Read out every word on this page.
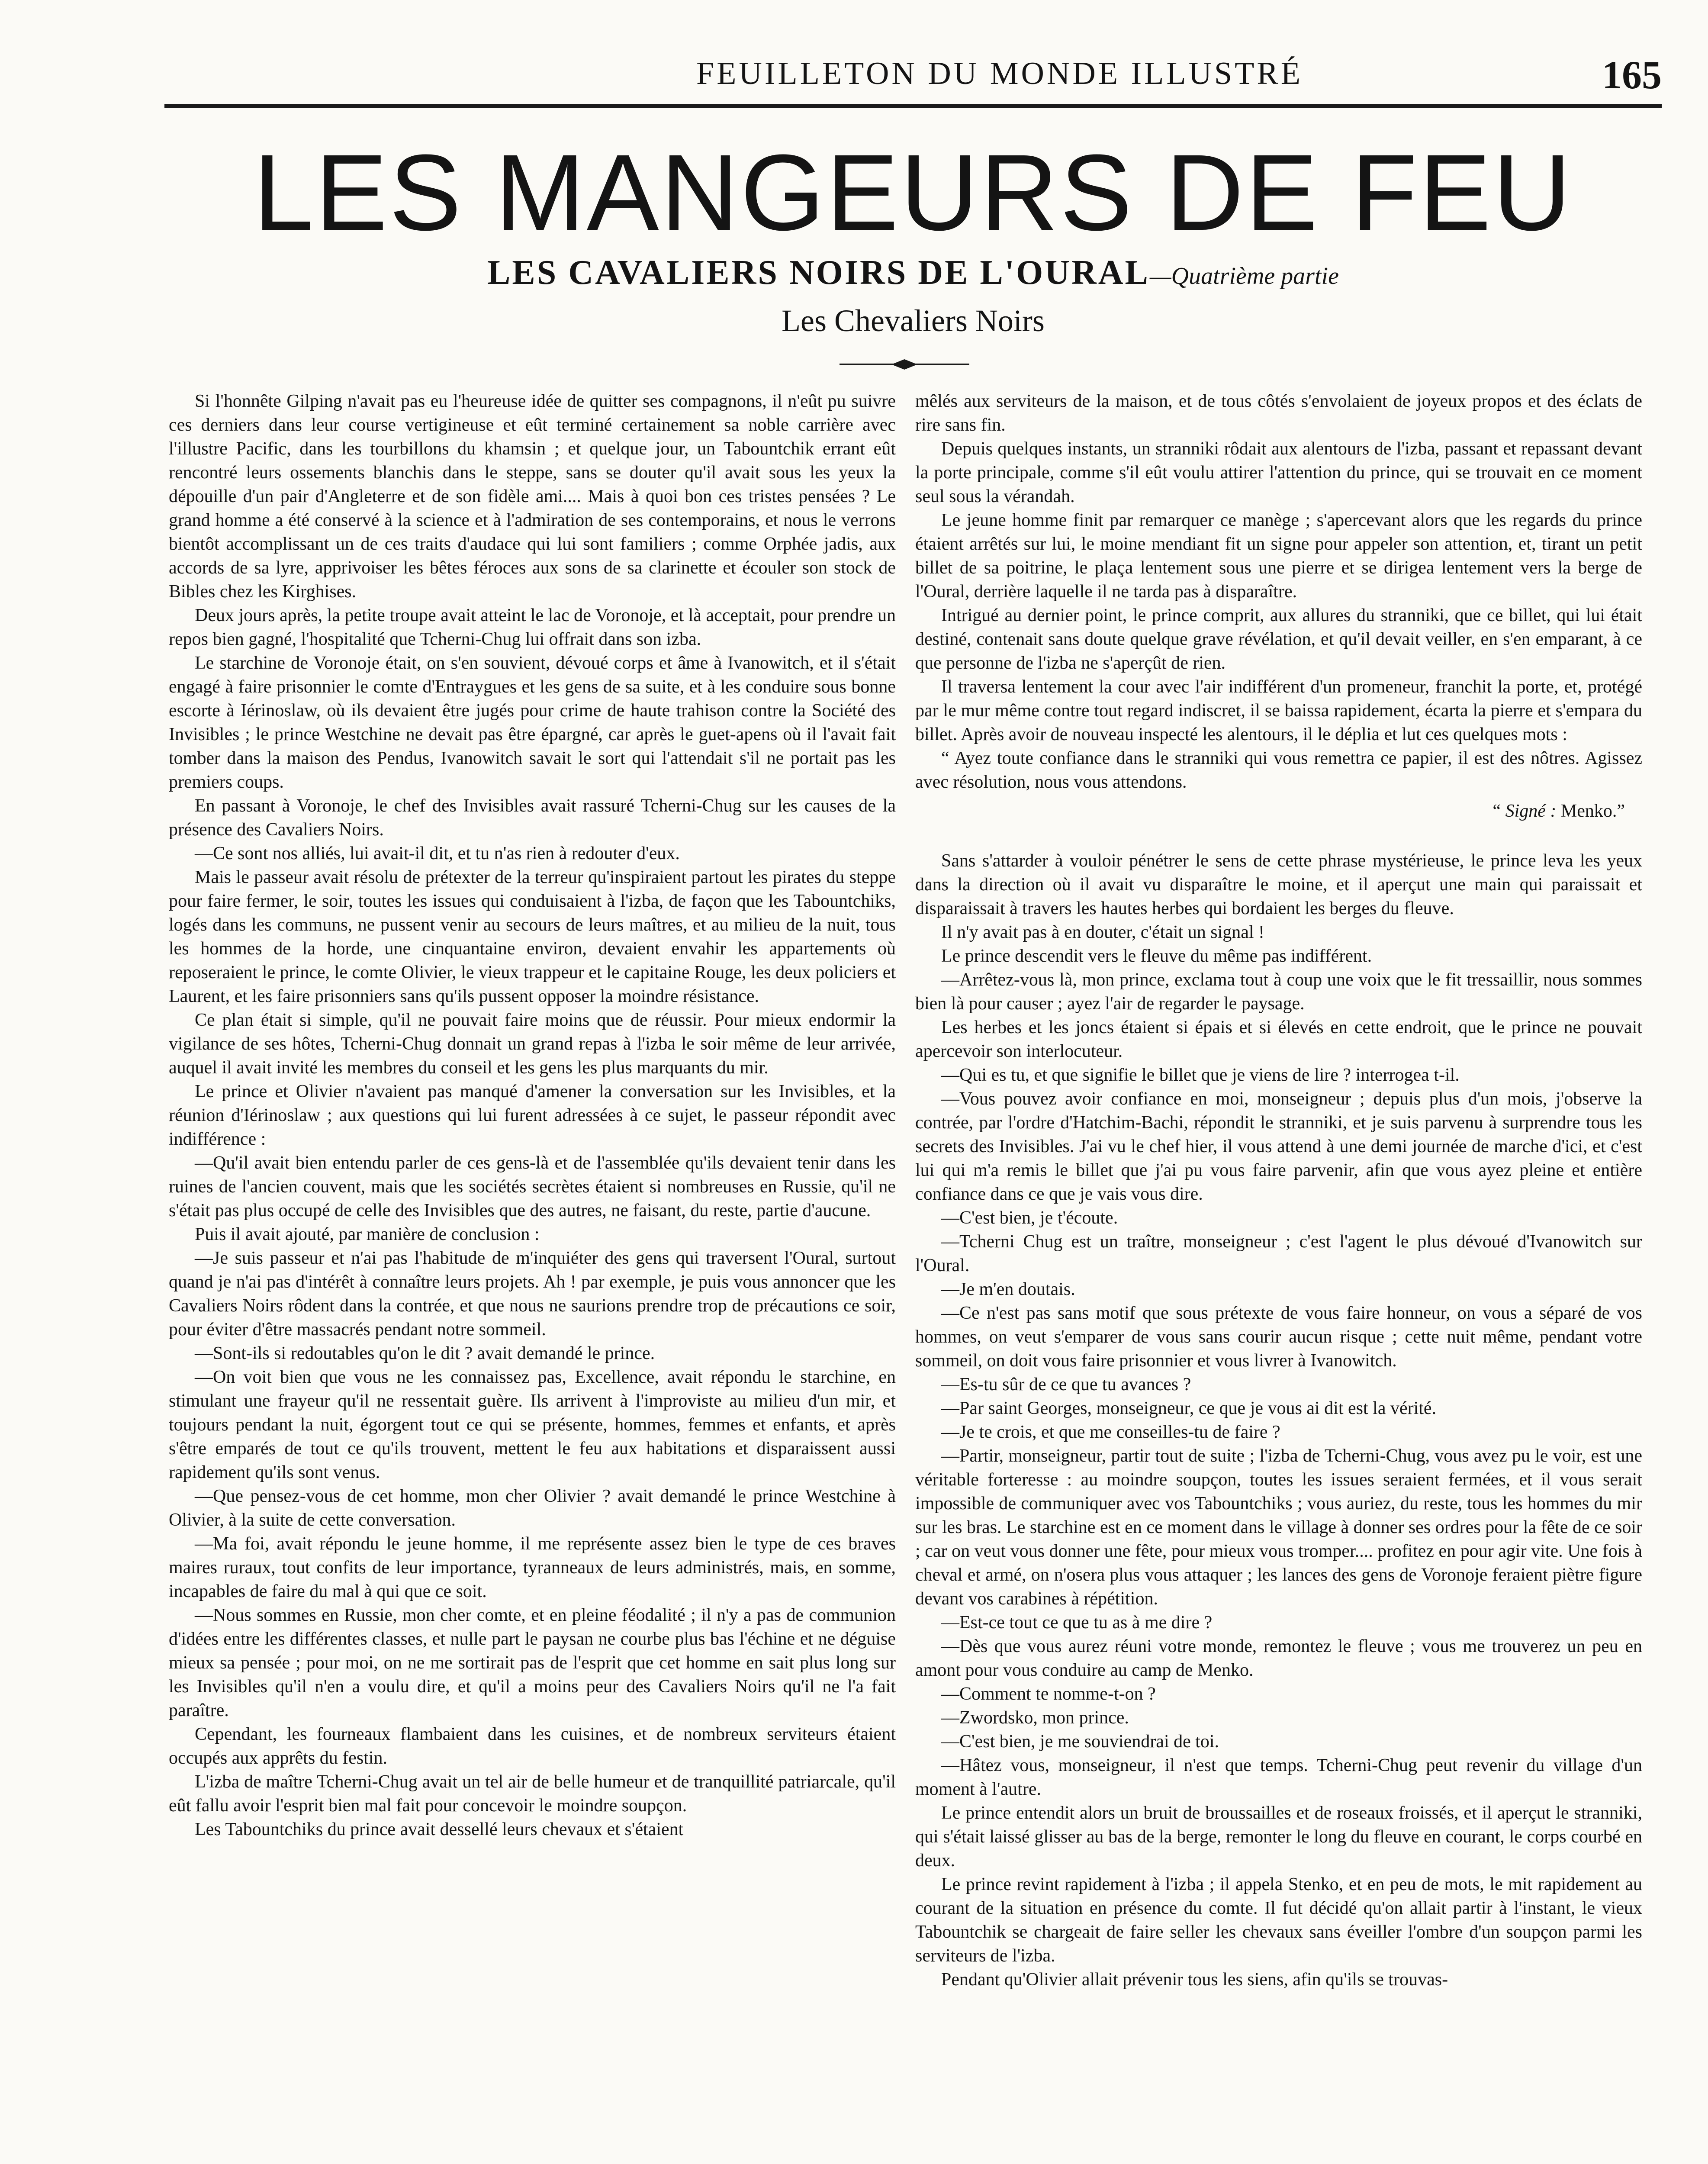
FEUILLETON DU MONDE ILLUSTRÉ	165
LES MANGEURS DE FEU
LES CAVALIERS NOIRS DE L'OURAL—Quatrième partie
Les Chevaliers Noirs

Si l'honnête Gilping n'avait pas eu l'heureuse idée de quitter ses compagnons, il n'eût pu suivre ces derniers dans leur course vertigineuse et eût terminé certainement sa noble carrière avec l'illustre Pacific, dans les tourbillons du khamsin ; et quelque jour, un Tabountchik errant eût rencontré leurs ossements blanchis dans le steppe, sans se douter qu'il avait sous les yeux la dépouille d'un pair d'Angleterre et de son fidèle ami.... Mais à quoi bon ces tristes pensées ? Le grand homme a été conservé à la science et à l'admiration de ses contemporains, et nous le verrons bientôt accomplissant un de ces traits d'audace qui lui sont familiers ; comme Orphée jadis, aux accords de sa lyre, apprivoiser les bêtes féroces aux sons de sa clarinette et écouler son stock de Bibles chez les Kirghises.

Deux jours après, la petite troupe avait atteint le lac de Voronoje, et là acceptait, pour prendre un repos bien gagné, l'hospitalité que Tcherni-Chug lui offrait dans son izba.

Le starchine de Voronoje était, on s'en souvient, dévoué corps et âme à Ivanowitch, et il s'était engagé à faire prisonnier le comte d'Entraygues et les gens de sa suite, et à les conduire sous bonne escorte à Iérinoslaw, où ils devaient être jugés pour crime de haute trahison contre la Société des Invisibles ; le prince Westchine ne devait pas être épargné, car après le guet-apens où il l'avait fait tomber dans la maison des Pendus, Ivanowitch savait le sort qui l'attendait s'il ne portait pas les premiers coups.

En passant à Voronoje, le chef des Invisibles avait rassuré Tcherni-Chug sur les causes de la présence des Cavaliers Noirs.

—Ce sont nos alliés, lui avait-il dit, et tu n'as rien à redouter d'eux.

Mais le passeur avait résolu de prétexter de la terreur qu'inspiraient partout les pirates du steppe pour faire fermer, le soir, toutes les issues qui conduisaient à l'izba, de façon que les Tabountchiks, logés dans les communs, ne pussent venir au secours de leurs maîtres, et au milieu de la nuit, tous les hommes de la horde, une cinquantaine environ, devaient envahir les appartements où reposeraient le prince, le comte Olivier, le vieux trappeur et le capitaine Rouge, les deux policiers et Laurent, et les faire prisonniers sans qu'ils pussent opposer la moindre résistance.

Ce plan était si simple, qu'il ne pouvait faire moins que de réussir. Pour mieux endormir la vigilance de ses hôtes, Tcherni-Chug donnait un grand repas à l'izba le soir même de leur arrivée, auquel il avait invité les membres du conseil et les gens les plus marquants du mir.

Le prince et Olivier n'avaient pas manqué d'amener la conversation sur les Invisibles, et la réunion d'Iérinoslaw ; aux questions qui lui furent adressées à ce sujet, le passeur répondit avec indifférence :

—Qu'il avait bien entendu parler de ces gens-là et de l'assemblée qu'ils devaient tenir dans les ruines de l'ancien couvent, mais que les sociétés secrètes étaient si nombreuses en Russie, qu'il ne s'était pas plus occupé de celle des Invisibles que des autres, ne faisant, du reste, partie d'aucune.

Puis il avait ajouté, par manière de conclusion :

—Je suis passeur et n'ai pas l'habitude de m'inquiéter des gens qui traversent l'Oural, surtout quand je n'ai pas d'intérêt à connaître leurs projets. Ah ! par exemple, je puis vous annoncer que les Cavaliers Noirs rôdent dans la contrée, et que nous ne saurions prendre trop de précautions ce soir, pour éviter d'être massacrés pendant notre sommeil.

—Sont-ils si redoutables qu'on le dit ? avait demandé le prince.

—On voit bien que vous ne les connaissez pas, Excellence, avait répondu le starchine, en stimulant une frayeur qu'il ne ressentait guère. Ils arrivent à l'improviste au milieu d'un mir, et toujours pendant la nuit, égorgent tout ce qui se présente, hommes, femmes et enfants, et après s'être emparés de tout ce qu'ils trouvent, mettent le feu aux habitations et disparaissent aussi rapidement qu'ils sont venus.

—Que pensez-vous de cet homme, mon cher Olivier ? avait demandé le prince Westchine à Olivier, à la suite de cette conversation.

—Ma foi, avait répondu le jeune homme, il me représente assez bien le type de ces braves maires ruraux, tout confits de leur importance, tyranneaux de leurs administrés, mais, en somme, incapables de faire du mal à qui que ce soit.

—Nous sommes en Russie, mon cher comte, et en pleine féodalité ; il n'y a pas de communion d'idées entre les différentes classes, et nulle part le paysan ne courbe plus bas l'échine et ne déguise mieux sa pensée ; pour moi, on ne me sortirait pas de l'esprit que cet homme en sait plus long sur les Invisibles qu'il n'en a voulu dire, et qu'il a moins peur des Cavaliers Noirs qu'il ne l'a fait paraître.

Cependant, les fourneaux flambaient dans les cuisines, et de nombreux serviteurs étaient occupés aux apprêts du festin.

L'izba de maître Tcherni-Chug avait un tel air de belle humeur et de tranquillité patriarcale, qu'il eût fallu avoir l'esprit bien mal fait pour concevoir le moindre soupçon.

Les Tabountchiks du prince avait dessellé leurs chevaux et s'étaient

mêlés aux serviteurs de la maison, et de tous côtés s'envolaient de joyeux propos et des éclats de rire sans fin.

Depuis quelques instants, un stranniki rôdait aux alentours de l'izba, passant et repassant devant la porte principale, comme s'il eût voulu attirer l'attention du prince, qui se trouvait en ce moment seul sous la vérandah.

Le jeune homme finit par remarquer ce manège ; s'apercevant alors que les regards du prince étaient arrêtés sur lui, le moine mendiant fit un signe pour appeler son attention, et, tirant un petit billet de sa poitrine, le plaça lentement sous une pierre et se dirigea lentement vers la berge de l'Oural, derrière laquelle il ne tarda pas à disparaître.

Intrigué au dernier point, le prince comprit, aux allures du stranniki, que ce billet, qui lui était destiné, contenait sans doute quelque grave révélation, et qu'il devait veiller, en s'en emparant, à ce que personne de l'izba ne s'aperçût de rien.

Il traversa lentement la cour avec l'air indifférent d'un promeneur, franchit la porte, et, protégé par le mur même contre tout regard indiscret, il se baissa rapidement, écarta la pierre et s'empara du billet. Après avoir de nouveau inspecté les alentours, il le déplia et lut ces quelques mots :

“ Ayez toute confiance dans le stranniki qui vous remettra ce papier, il est des nôtres. Agissez avec résolution, nous vous attendons.

“ Signé : Menko.”

Sans s'attarder à vouloir pénétrer le sens de cette phrase mystérieuse, le prince leva les yeux dans la direction où il avait vu disparaître le moine, et il aperçut une main qui paraissait et disparaissait à travers les hautes herbes qui bordaient les berges du fleuve.

Il n'y avait pas à en douter, c'était un signal !

Le prince descendit vers le fleuve du même pas indifférent.

—Arrêtez-vous là, mon prince, exclama tout à coup une voix que le fit tressaillir, nous sommes bien là pour causer ; ayez l'air de regarder le paysage.

Les herbes et les joncs étaient si épais et si élevés en cette endroit, que le prince ne pouvait apercevoir son interlocuteur.

—Qui es tu, et que signifie le billet que je viens de lire ? interrogea t-il.

—Vous pouvez avoir confiance en moi, monseigneur ; depuis plus d'un mois, j'observe la contrée, par l'ordre d'Hatchim-Bachi, répondit le stranniki, et je suis parvenu à surprendre tous les secrets des Invisibles. J'ai vu le chef hier, il vous attend à une demi journée de marche d'ici, et c'est lui qui m'a remis le billet que j'ai pu vous faire parvenir, afin que vous ayez pleine et entière confiance dans ce que je vais vous dire.

—C'est bien, je t'écoute.

—Tcherni Chug est un traître, monseigneur ; c'est l'agent le plus dévoué d'Ivanowitch sur l'Oural.

—Je m'en doutais.

—Ce n'est pas sans motif que sous prétexte de vous faire honneur, on vous a séparé de vos hommes, on veut s'emparer de vous sans courir aucun risque ; cette nuit même, pendant votre sommeil, on doit vous faire prisonnier et vous livrer à Ivanowitch.

—Es-tu sûr de ce que tu avances ?

—Par saint Georges, monseigneur, ce que je vous ai dit est la vérité.

—Je te crois, et que me conseilles-tu de faire ?

—Partir, monseigneur, partir tout de suite ; l'izba de Tcherni-Chug, vous avez pu le voir, est une véritable forteresse : au moindre soupçon, toutes les issues seraient fermées, et il vous serait impossible de communiquer avec vos Tabountchiks ; vous auriez, du reste, tous les hommes du mir sur les bras. Le starchine est en ce moment dans le village à donner ses ordres pour la fête de ce soir ; car on veut vous donner une fête, pour mieux vous tromper.... profitez en pour agir vite. Une fois à cheval et armé, on n'osera plus vous attaquer ; les lances des gens de Voronoje feraient piètre figure devant vos carabines à répétition.

—Est-ce tout ce que tu as à me dire ?

—Dès que vous aurez réuni votre monde, remontez le fleuve ; vous me trouverez un peu en amont pour vous conduire au camp de Menko.

—Comment te nomme-t-on ?

—Zwordsko, mon prince.

—C'est bien, je me souviendrai de toi.

—Hâtez vous, monseigneur, il n'est que temps. Tcherni-Chug peut revenir du village d'un moment à l'autre.

Le prince entendit alors un bruit de broussailles et de roseaux froissés, et il aperçut le stranniki, qui s'était laissé glisser au bas de la berge, remonter le long du fleuve en courant, le corps courbé en deux.

Le prince revint rapidement à l'izba ; il appela Stenko, et en peu de mots, le mit rapidement au courant de la situation en présence du comte. Il fut décidé qu'on allait partir à l'instant, le vieux Tabountchik se chargeait de faire seller les chevaux sans éveiller l'ombre d'un soupçon parmi les serviteurs de l'izba.

Pendant qu'Olivier allait prévenir tous les siens, afin qu'ils se trouvas-
